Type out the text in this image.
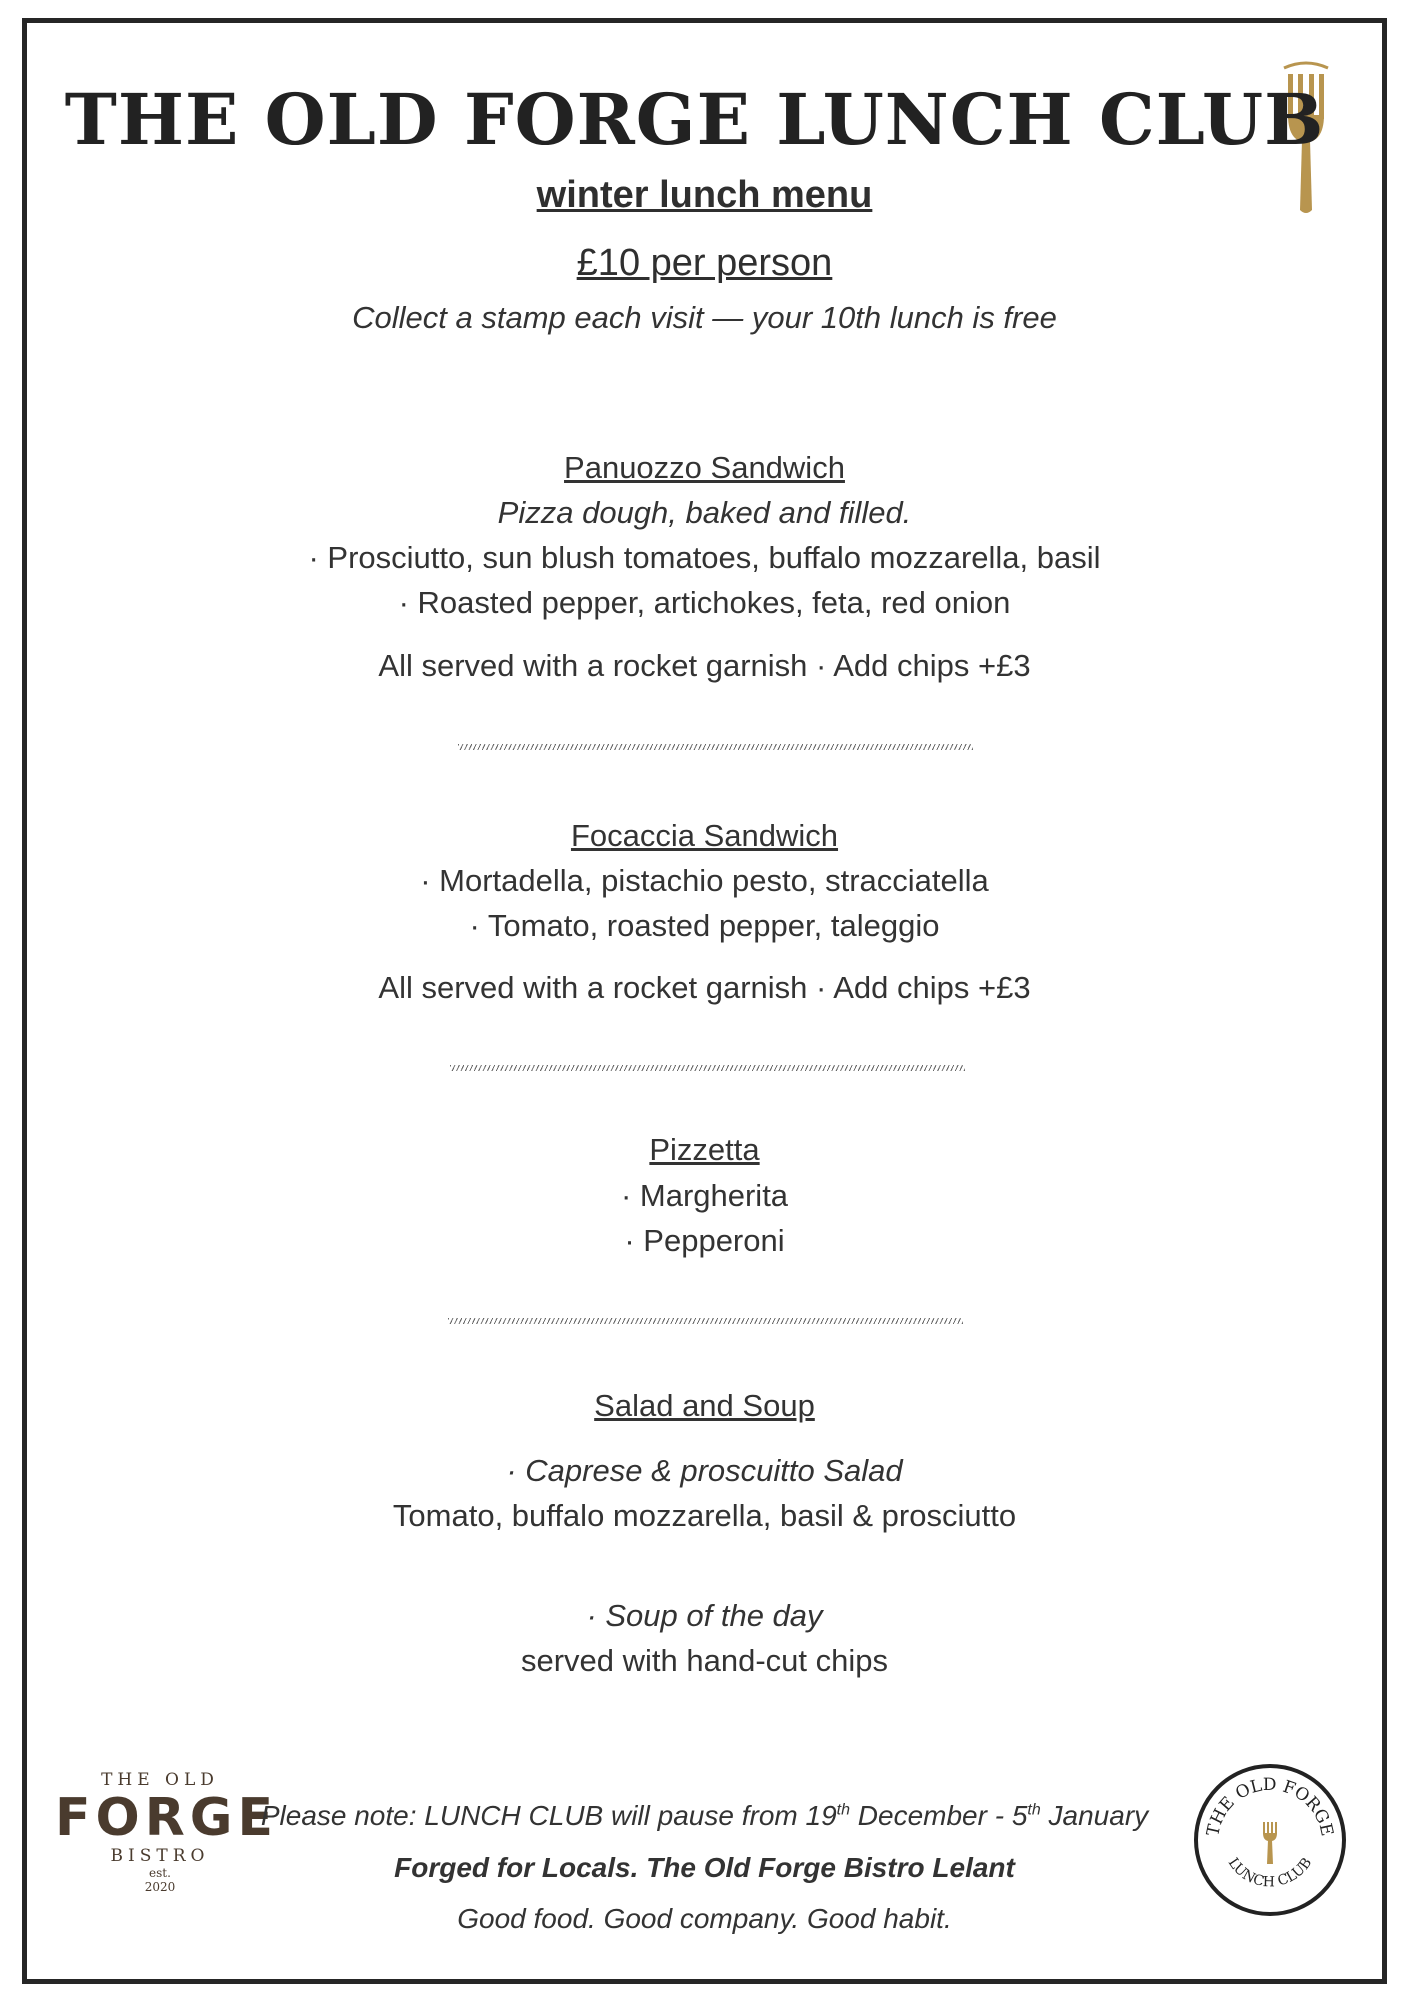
THE OLD FORGE LUNCH CLUB
winter lunch menu
£10 per person
Collect a stamp each visit — your 10th lunch is free
Panuozzo Sandwich
Pizza dough, baked and filled.
· Prosciutto, sun blush tomatoes, buffalo mozzarella, basil
· Roasted pepper, artichokes, feta, red onion
All served with a rocket garnish · Add chips +£3
Focaccia Sandwich
· Mortadella, pistachio pesto, stracciatella
· Tomato, roasted pepper, taleggio
All served with a rocket garnish · Add chips +£3
Pizzetta
· Margherita
· Pepperoni
Salad and Soup
· Caprese & proscuitto Salad
Tomato, buffalo mozzarella, basil & prosciutto
· Soup of the day
served with hand-cut chips
THE OLD
FORGE
BISTRO
est.
2020
Please note: LUNCH CLUB will pause from 19th December - 5th January
Forged for Locals. The Old Forge Bistro Lelant
Good food. Good company. Good habit.
THE OLD FORGE
LUNCH CLUB
